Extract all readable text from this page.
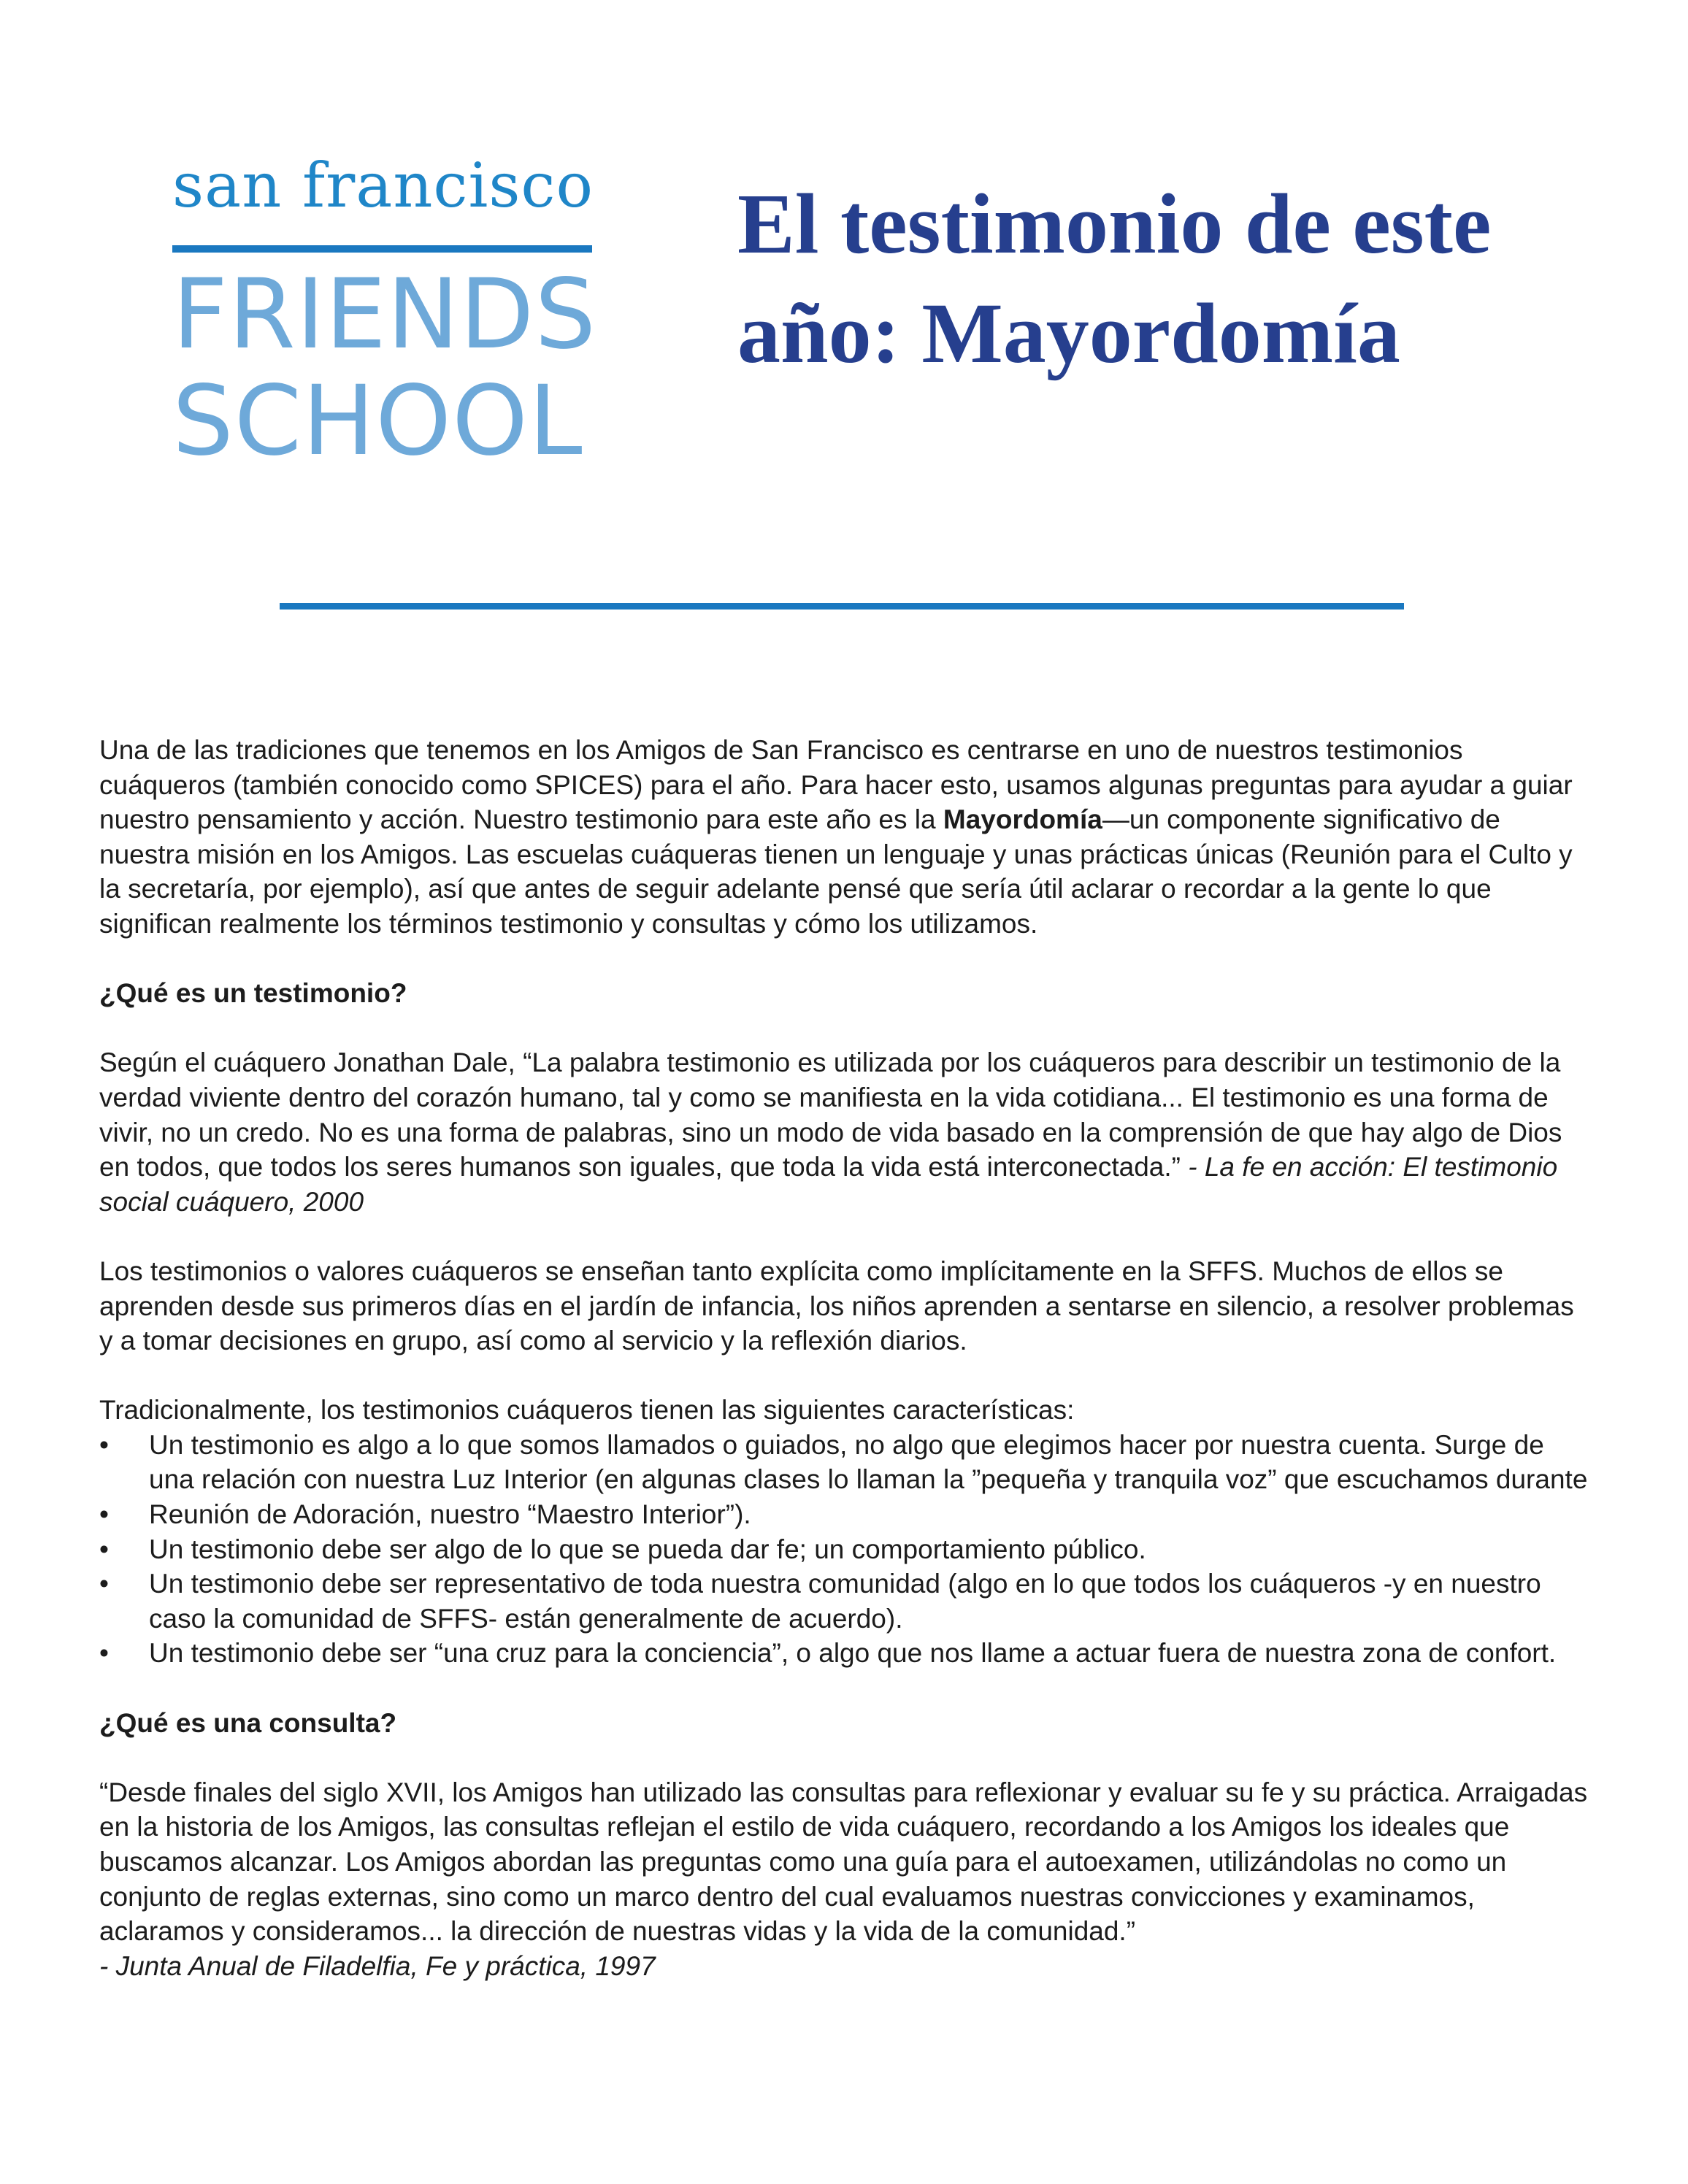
san francisco
FRIENDS
SCHOOL
El testimonio de este año: Mayordomía

Una de las tradiciones que tenemos en los Amigos de San Francisco es centrarse en uno de nuestros testimonios cuáqueros (también conocido como SPICES) para el año. Para hacer esto, usamos algunas preguntas para ayudar a guiar nuestro pensamiento y acción. Nuestro testimonio para este año es la Mayordomía—un componente significativo de nuestra misión en los Amigos. Las escuelas cuáqueras tienen un lenguaje y unas prácticas únicas (Reunión para el Culto y la secretaría, por ejemplo), así que antes de seguir adelante pensé que sería útil aclarar o recordar a la gente lo que significan realmente los términos testimonio y consultas y cómo los utilizamos.

¿Qué es un testimonio?

Según el cuáquero Jonathan Dale, “La palabra testimonio es utilizada por los cuáqueros para describir un testimonio de la verdad viviente dentro del corazón humano, tal y como se manifiesta en la vida cotidiana... El testimonio es una forma de vivir, no un credo. No es una forma de palabras, sino un modo de vida basado en la comprensión de que hay algo de Dios en todos, que todos los seres humanos son iguales, que toda la vida está interconectada.” - La fe en acción: El testimonio social cuáquero, 2000

Los testimonios o valores cuáqueros se enseñan tanto explícita como implícitamente en la SFFS. Muchos de ellos se aprenden desde sus primeros días en el jardín de infancia, los niños aprenden a sentarse en silencio, a resolver problemas y a tomar decisiones en grupo, así como al servicio y la reflexión diarios.

Tradicionalmente, los testimonios cuáqueros tienen las siguientes características:

•	Un testimonio es algo a lo que somos llamados o guiados, no algo que elegimos hacer por nuestra cuenta. Surge de una relación con nuestra Luz Interior (en algunas clases lo llaman la ”pequeña y tranquila voz” que escuchamos durante
•	Reunión de Adoración, nuestro “Maestro Interior”).
•	Un testimonio debe ser algo de lo que se pueda dar fe; un comportamiento público.
•	Un testimonio debe ser representativo de toda nuestra comunidad (algo en lo que todos los cuáqueros -y en nuestro caso la comunidad de SFFS- están generalmente de acuerdo).
•	Un testimonio debe ser “una cruz para la conciencia”, o algo que nos llame a actuar fuera de nuestra zona de confort.
¿Qué es una consulta?

“Desde finales del siglo XVII, los Amigos han utilizado las consultas para reflexionar y evaluar su fe y su práctica. Arraigadas en la historia de los Amigos, las consultas reflejan el estilo de vida cuáquero, recordando a los Amigos los ideales que buscamos alcanzar. Los Amigos abordan las preguntas como una guía para el autoexamen, utilizándolas no como un conjunto de reglas externas, sino como un marco dentro del cual evaluamos nuestras convicciones y examinamos, aclaramos y consideramos... la dirección de nuestras vidas y la vida de la comunidad.”

- Junta Anual de Filadelfia, Fe y práctica, 1997
